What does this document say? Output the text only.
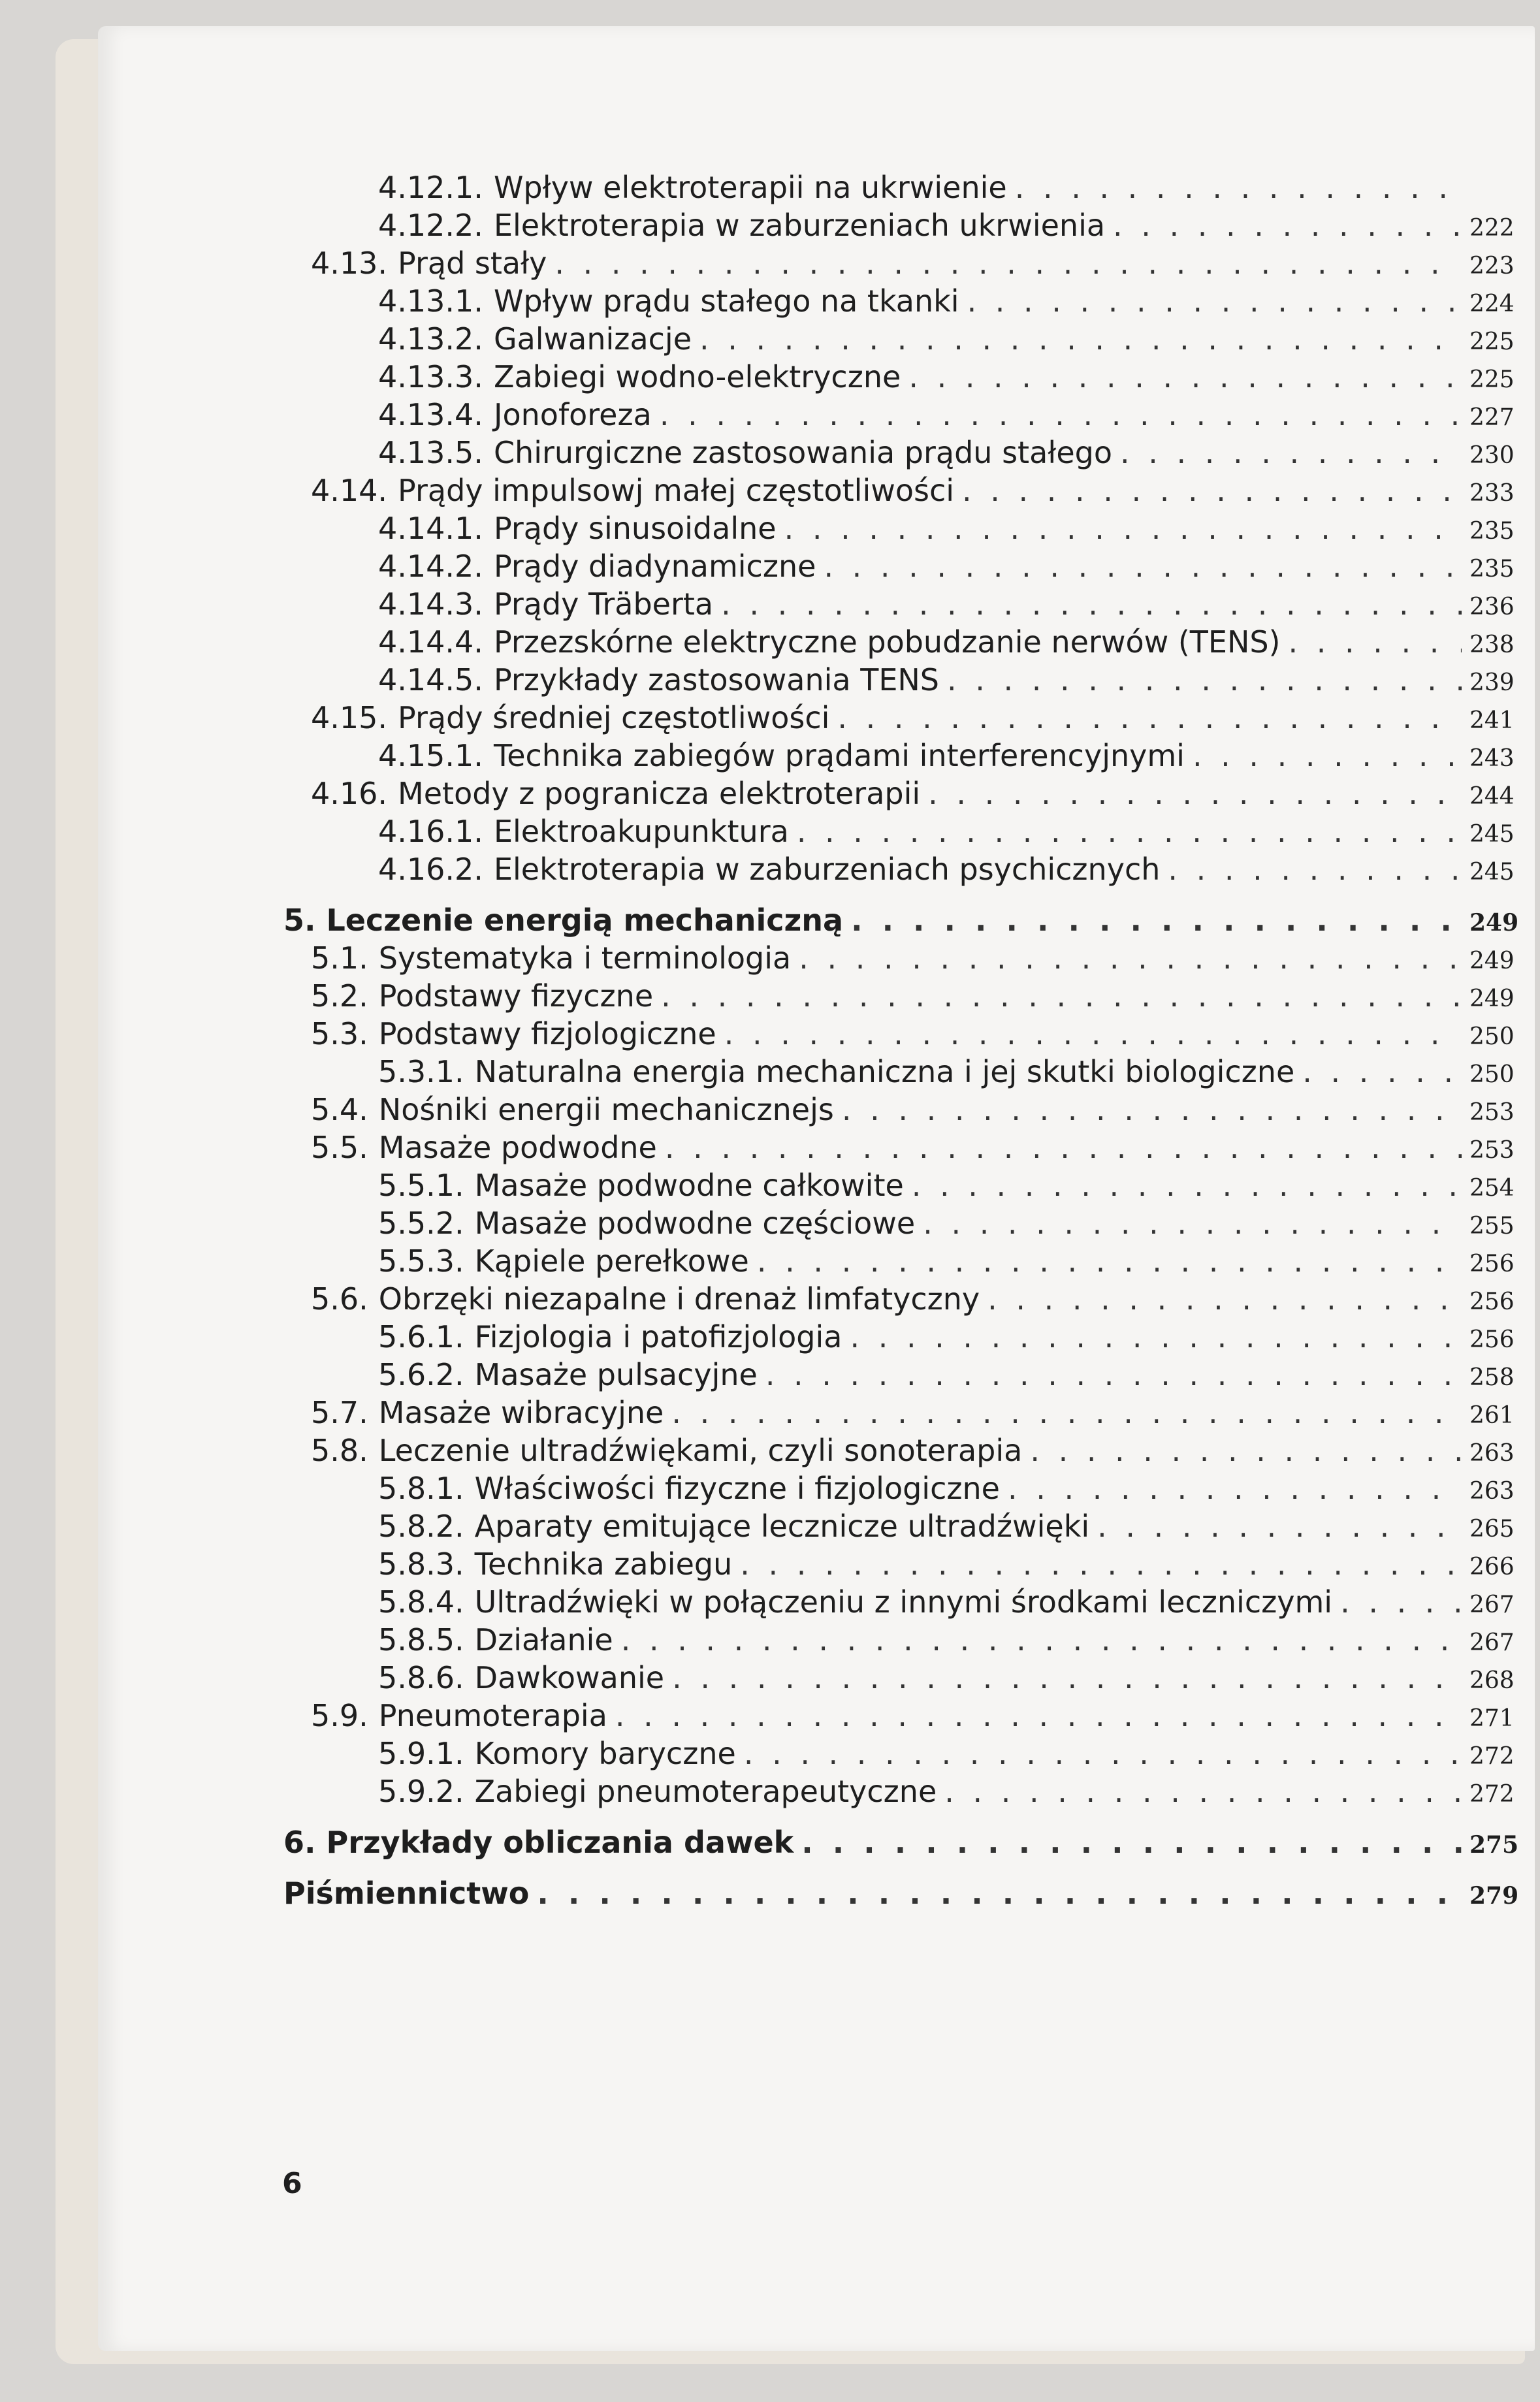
4.12.1. Wpływ elektroterapii na ukrwienie
. . .
4.12.2. Elektroterapia w zaburzeniach ukrwienia . . .	222
4.13. Prąd stały . . .	223
4.13.1. Wpływ prądu stałego na tkanki . . .	224
4.13.2. Galwanizacje . . .	225
4.13.3. Zabiegi wodno-elektryczne . . .	225
4.13.4. Jonoforeza . . .	227
4.13.5. Chirurgiczne zastosowania prądu stałego . . .	230
4.14. Prądy impulsowj małej częstotliwości . . .	233
4.14.1. Prądy sinusoidalne . . .	235
4.14.2. Prądy diadynamiczne . . .	235
4.14.3. Prądy Träberta . . .	236
4.14.4. Przezskórne elektryczne pobudzanie nerwów (TENS) . . .	238
4.14.5. Przykłady zastosowania TENS . . .	239
4.15. Prądy średniej częstotliwości . . .	241
4.15.1. Technika zabiegów prądami interferencyjnymi . . .	243
4.16. Metody z pogranicza elektroterapii . . .	244
4.16.1. Elektroakupunktura . . .	245
4.16.2. Elektroterapia w zaburzeniach psychicznych . . .	245
5. Leczenie energią mechaniczną . . .	249
5.1. Systematyka i terminologia . . .	249
5.2. Podstawy fizyczne . . .	249
5.3. Podstawy fizjologiczne . . .	250
5.3.1. Naturalna energia mechaniczna i jej skutki biologiczne . . .	250
5.4. Nośniki energii mechanicznejs . . .	253
5.5. Masaże podwodne . . .	253
5.5.1. Masaże podwodne całkowite . . .	254
5.5.2. Masaże podwodne częściowe . . .	255
5.5.3. Kąpiele perełkowe . . .	256
5.6. Obrzęki niezapalne i drenaż limfatyczny . . .	256
5.6.1. Fizjologia i patofizjologia . . .	256
5.6.2. Masaże pulsacyjne . . .	258
5.7. Masaże wibracyjne . . .	261
5.8. Leczenie ultradźwiękami, czyli sonoterapia . . .	263
5.8.1. Właściwości fizyczne i fizjologiczne . . .	263
5.8.2. Aparaty emitujące lecznicze ultradźwięki . . .	265
5.8.3. Technika zabiegu . . .	266
5.8.4. Ultradźwięki w połączeniu z innymi środkami leczniczymi . . .	267
5.8.5. Działanie . . .	267
5.8.6. Dawkowanie . . .	268
5.9. Pneumoterapia . . .	271
5.9.1. Komory baryczne . . .	272
5.9.2. Zabiegi pneumoterapeutyczne . . .	272
6. Przykłady obliczania dawek . . .	275
Piśmiennictwo . . .	279
6
